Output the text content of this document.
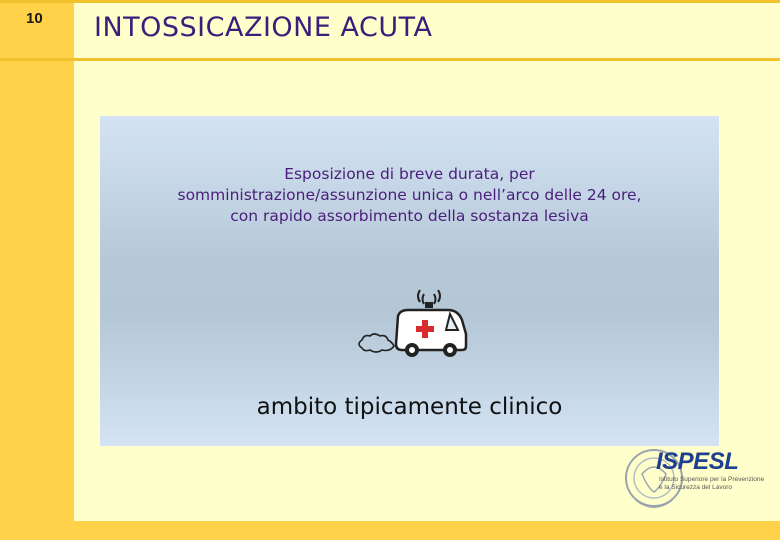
10 INTOSSICAZIONE ACUTA
Esposizione di breve durata, per
somministrazione/assunzione unica o nell’arco delle 24 ore,
con rapido assorbimento della sostanza lesiva
ambito tipicamente clinico
ISPESL
Istituto Superiore per la Prevenzione
e la Sicurezza del Lavoro
